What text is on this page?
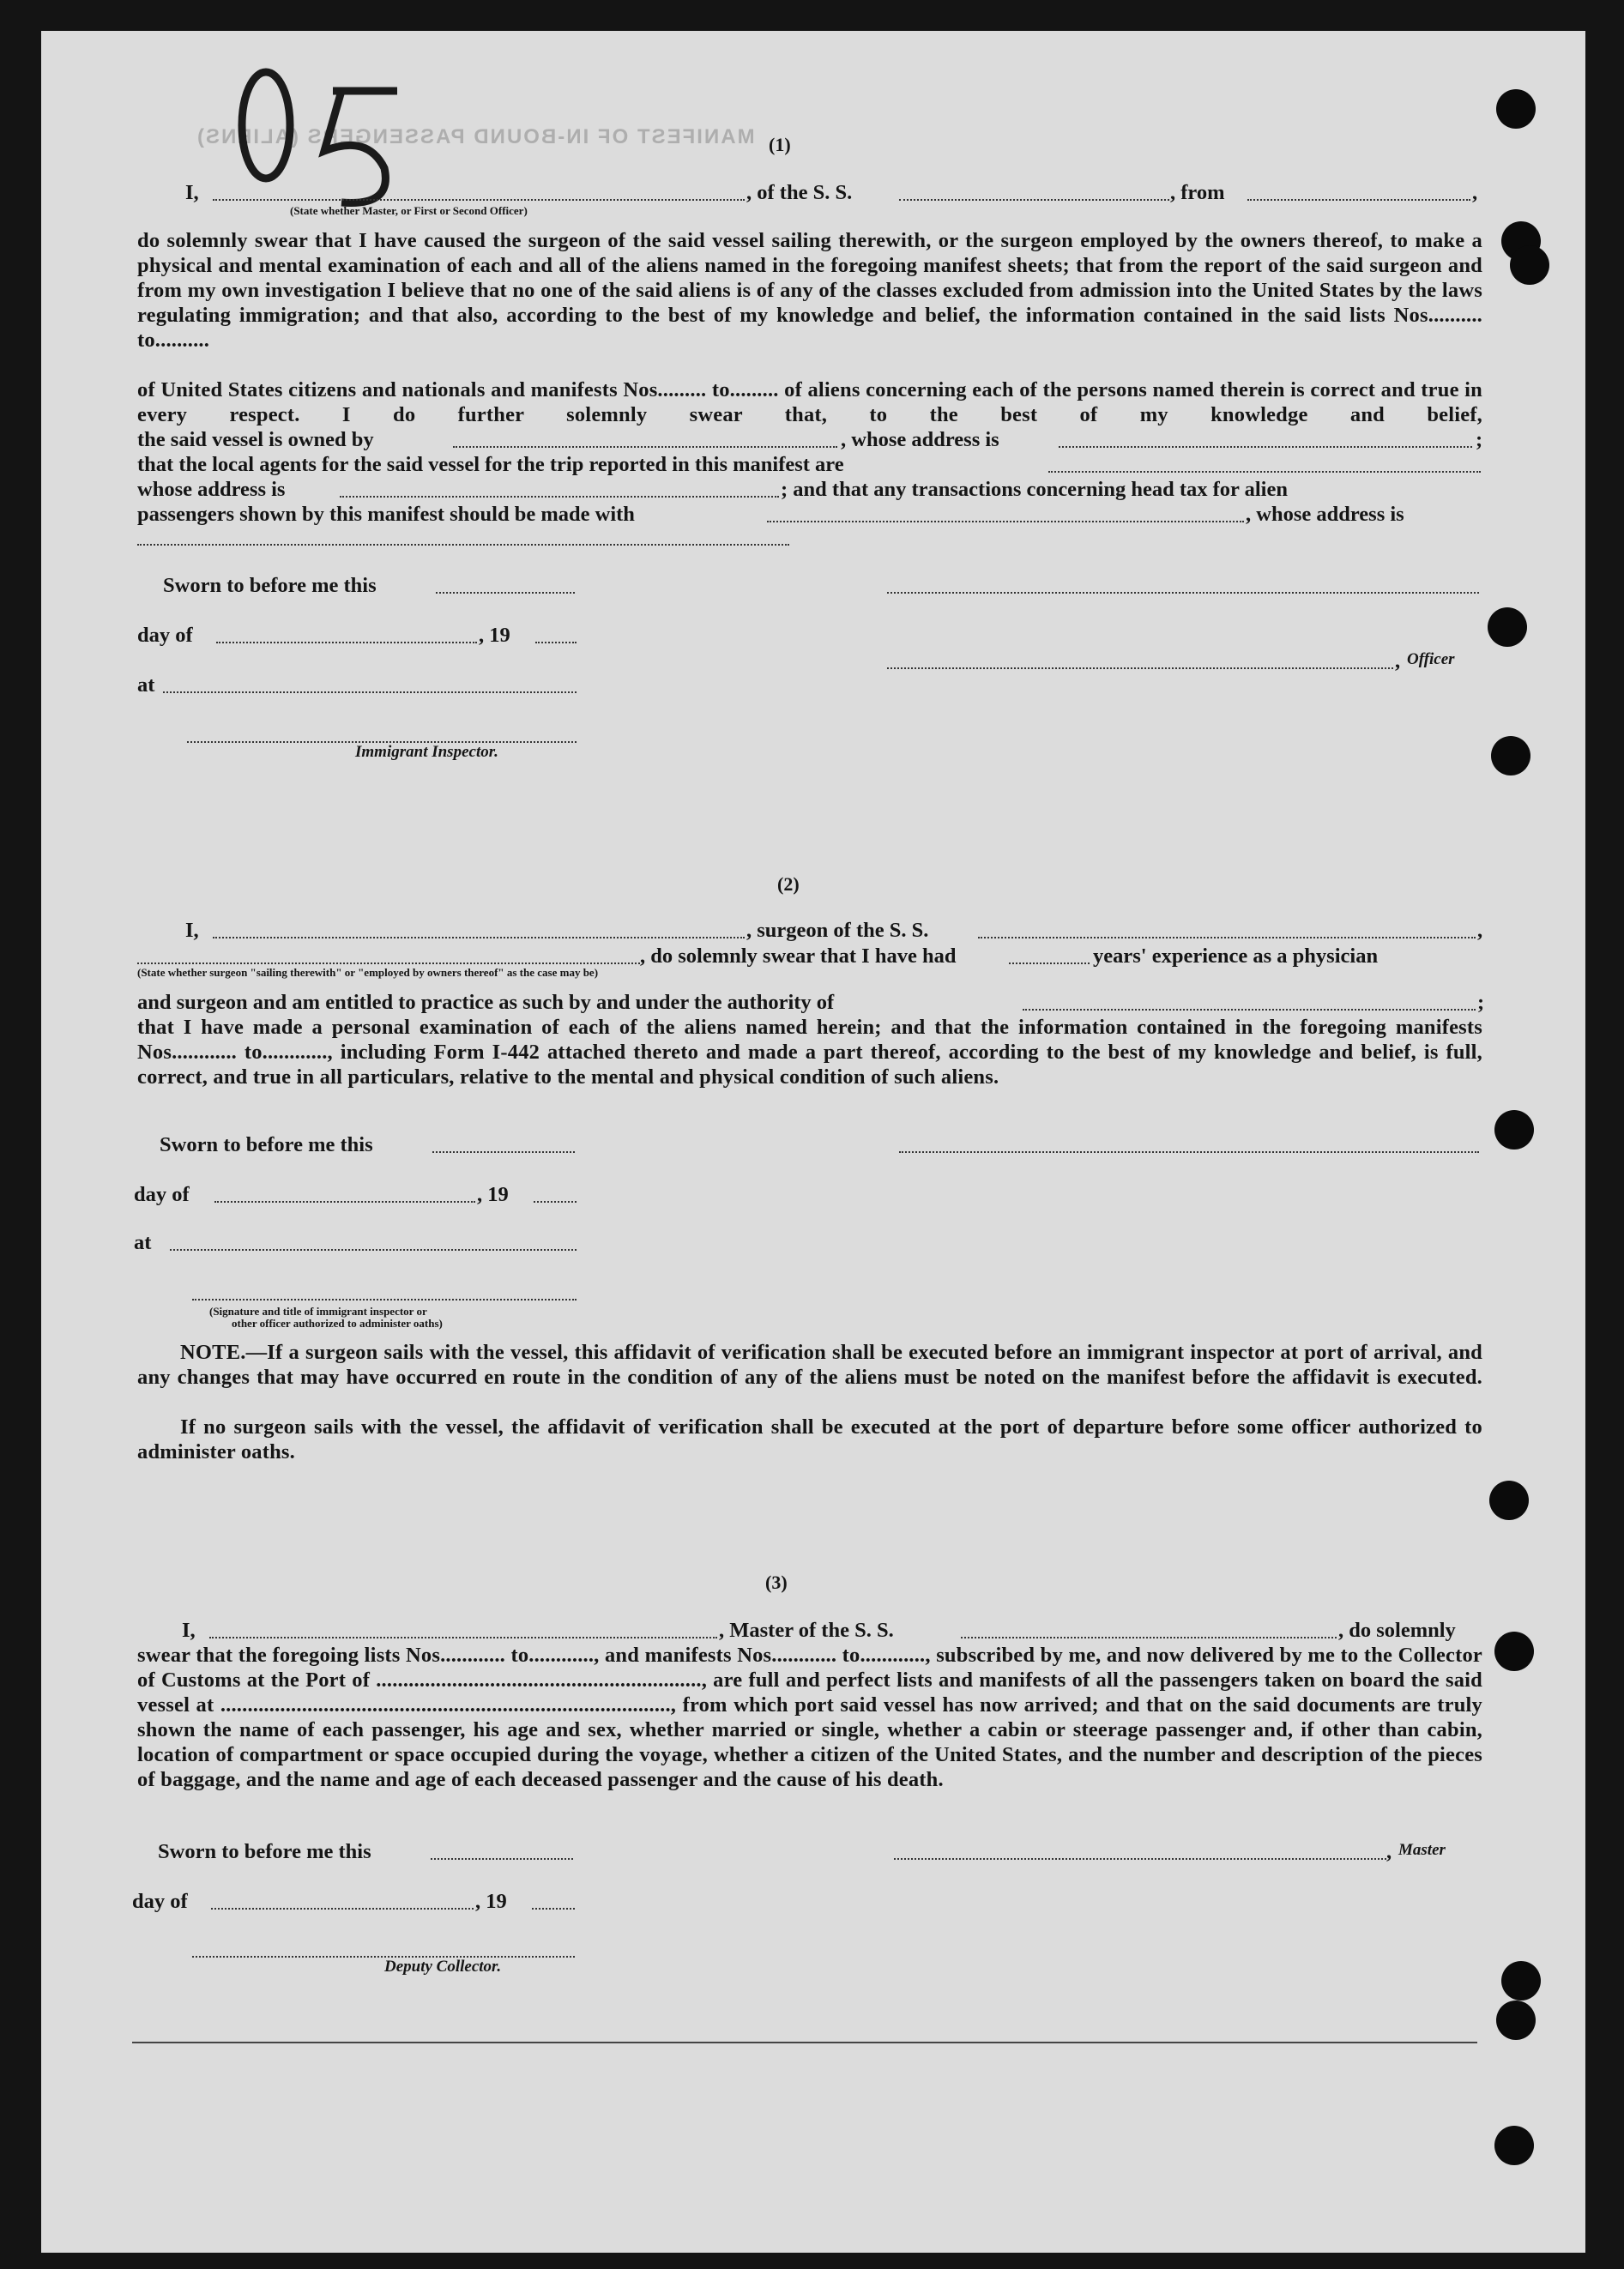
MANIFEST OF IN-BOUND PASSENGERS (ALIENS) (1)
I,	, of the S. S.	, from	,
(State whether Master, or First or Second Officer)
do solemnly swear that I have caused the surgeon of the said vessel sailing therewith, or the surgeon employed by the owners thereof, to make a physical and mental examination of each and all of the aliens named in the foregoing manifest sheets; that from the report of the said surgeon and from my own investigation I believe that no one of the said aliens is of any of the classes excluded from admission into the United States by the laws regulating immigration; and that also, according to the best of my knowledge and belief, the information contained in the said lists Nos.......... to..........
of United States citizens and nationals and manifests Nos......... to......... of aliens concerning each of the persons named therein is correct and true in every respect. I do further solemnly swear that, to the best of my knowledge and belief,
the said vessel is owned by	, whose address is	;
that the local agents for the said vessel for the trip reported in this manifest are
whose address is	; and that any transactions concerning head tax for alien
passengers shown by this manifest should be made with	, whose address is
Sworn to before me this
day of	, 19
, Officer
at
Immigrant Inspector.
(2)
I,	, surgeon of the S. S.	,
, do solemnly swear that I have had	years' experience as a physician
(State whether surgeon "sailing therewith" or "employed by owners thereof" as the case may be)
and surgeon and am entitled to practice as such by and under the authority of	;
that I have made a personal examination of each of the aliens named herein; and that the information contained in the foregoing manifests Nos............ to............, including Form I-442 attached thereto and made a part thereof, according to the best of my knowledge and belief, is full, correct, and true in all particulars, relative to the mental and physical condition of such aliens.
Sworn to before me this
day of	, 19
at
(Signature and title of immigrant inspector or
other officer authorized to administer oaths)
NOTE.—If a surgeon sails with the vessel, this affidavit of verification shall be executed before an immigrant inspector at port of arrival, and any changes that may have occurred en route in the condition of any of the aliens must be noted on the manifest before the affidavit is executed.
If no surgeon sails with the vessel, the affidavit of verification shall be executed at the port of departure before some officer authorized to administer oaths.
(3)
I,	, Master of the S. S.	, do solemnly
swear that the foregoing lists Nos............ to............, and manifests Nos............ to............, subscribed by me, and now delivered by me to the Collector of Customs at the Port of ............................................................, are full and perfect lists and manifests of all the passengers taken on board the said vessel at ..................................................................................., from which port said vessel has now arrived; and that on the said documents are truly shown the name of each passenger, his age and sex, whether married or single, whether a cabin or steerage passenger and, if other than cabin, location of compartment or space occupied during the voyage, whether a citizen of the United States, and the number and description of the pieces of baggage, and the name and age of each deceased passenger and the cause of his death.
Sworn to before me this	, Master
day of	, 19
Deputy Collector.
